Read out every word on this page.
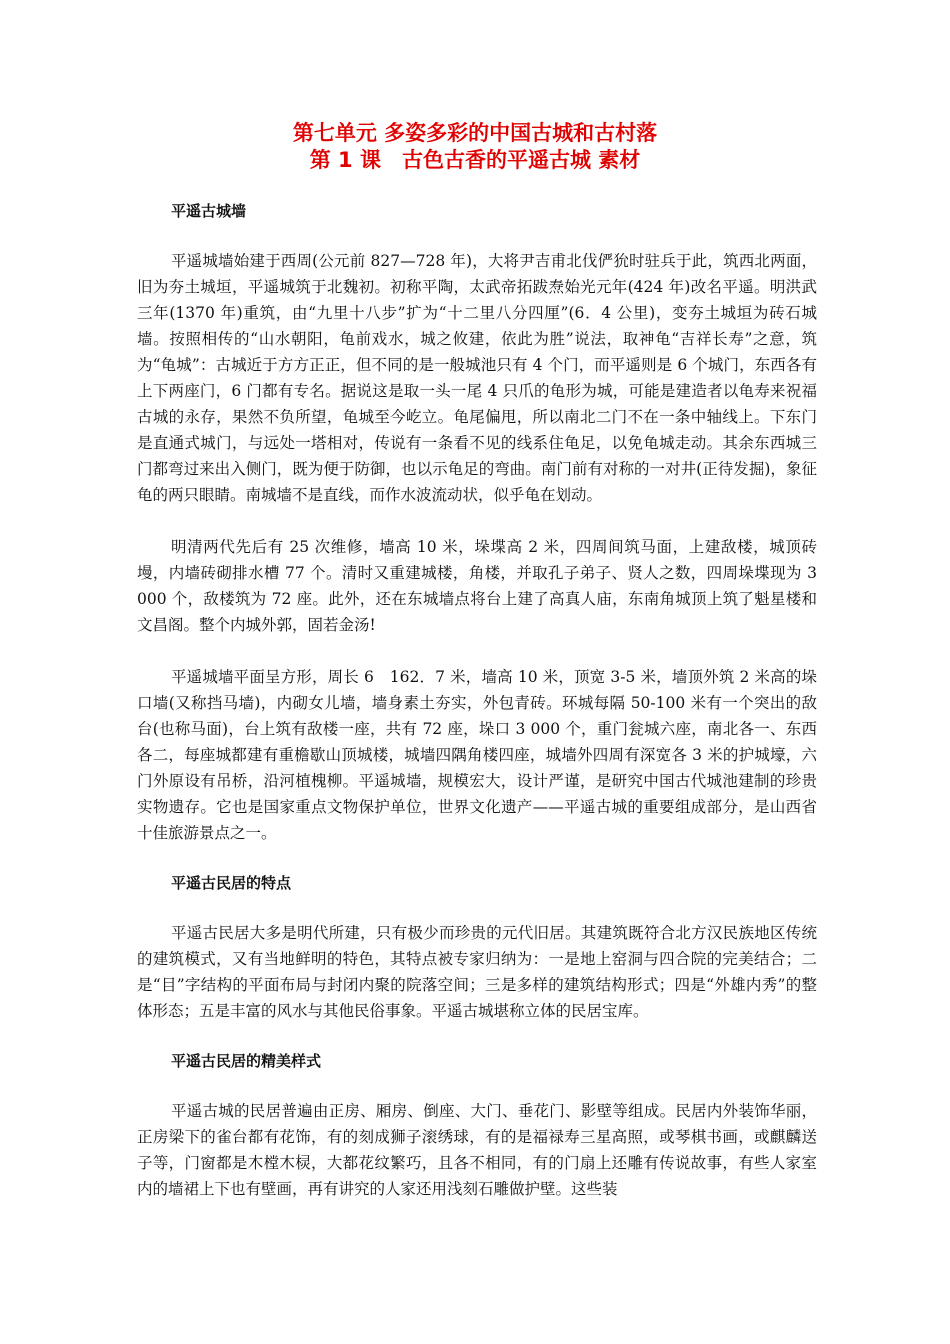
第七单元 多姿多彩的中国古城和古村落
第 1 课　古色古香的平遥古城 素材
平遥古城墙

平遥城墙始建于西周(公元前 827—728 年)，大将尹吉甫北伐俨狁时驻兵于此，筑西北两面，旧为夯土城垣，平遥城筑于北魏初。初称平陶，太武帝拓跋焘始光元年(424 年)改名平遥。明洪武三年(1370 年)重筑，由“九里十八步”扩为“十二里八分四厘”(6．4 公里)，变夯土城垣为砖石城墙。按照相传的“山水朝阳，龟前戏水，城之攸建，依此为胜”说法，取神龟“吉祥长寿”之意，筑为“龟城”：古城近于方方正正，但不同的是一般城池只有 4 个门，而平遥则是 6 个城门，东西各有上下两座门，6 门都有专名。据说这是取一头一尾 4 只爪的龟形为城，可能是建造者以龟寿来祝福古城的永存，果然不负所望，龟城至今屹立。龟尾偏甩，所以南北二门不在一条中轴线上。下东门是直通式城门，与远处一塔相对，传说有一条看不见的线系住龟足，以免龟城走动。其余东西城三门都弯过来出入侧门，既为便于防御，也以示龟足的弯曲。南门前有对称的一对井(正待发掘)，象征龟的两只眼睛。南城墙不是直线，而作水波流动状，似乎龟在划动。

明清两代先后有 25 次维修，墙高 10 米，垛堞高 2 米，四周间筑马面，上建敌楼，城顶砖墁，内墙砖砌排水槽 77 个。清时又重建城楼，角楼，并取孔子弟子、贤人之数，四周垛堞现为 3 000 个，敌楼筑为 72 座。此外，还在东城墙点将台上建了高真人庙，东南角城顶上筑了魁星楼和文昌阁。整个内城外郭，固若金汤!

平遥城墙平面呈方形，周长 6　162．7 米，墙高 10 米，顶宽 3-5 米，墙顶外筑 2 米高的垛口墙(又称挡马墙)，内砌女儿墙，墙身素土夯实，外包青砖。环城每隔 50-100 米有一个突出的敌台(也称马面)，台上筑有敌楼一座，共有 72 座，垛口 3 000 个，重门瓮城六座，南北各一、东西各二，每座城都建有重檐歇山顶城楼，城墙四隅角楼四座，城墙外四周有深宽各 3 米的护城壕，六门外原设有吊桥，沿河植槐柳。平遥城墙，规模宏大，设计严谨，是研究中国古代城池建制的珍贵实物遗存。它也是国家重点文物保护单位，世界文化遗产——平遥古城的重要组成部分，是山西省十佳旅游景点之一。

平遥古民居的特点

平遥古民居大多是明代所建，只有极少而珍贵的元代旧居。其建筑既符合北方汉民族地区传统的建筑模式，又有当地鲜明的特色，其特点被专家归纳为：一是地上窑洞与四合院的完美结合；二是“目”字结构的平面布局与封闭内聚的院落空间；三是多样的建筑结构形式；四是“外雄内秀”的整体形态；五是丰富的风水与其他民俗事象。平遥古城堪称立体的民居宝库。

平遥古民居的精美样式

平遥古城的民居普遍由正房、厢房、倒座、大门、垂花门、影壁等组成。民居内外装饰华丽，正房梁下的雀台都有花饰，有的刻成狮子滚绣球，有的是福禄寿三星高照，或琴棋书画，或麒麟送子等，门窗都是木樘木棂，大都花纹繁巧，且各不相同，有的门扇上还雕有传说故事，有些人家室内的墙裙上下也有壁画，再有讲究的人家还用浅刻石雕做护壁。这些装
